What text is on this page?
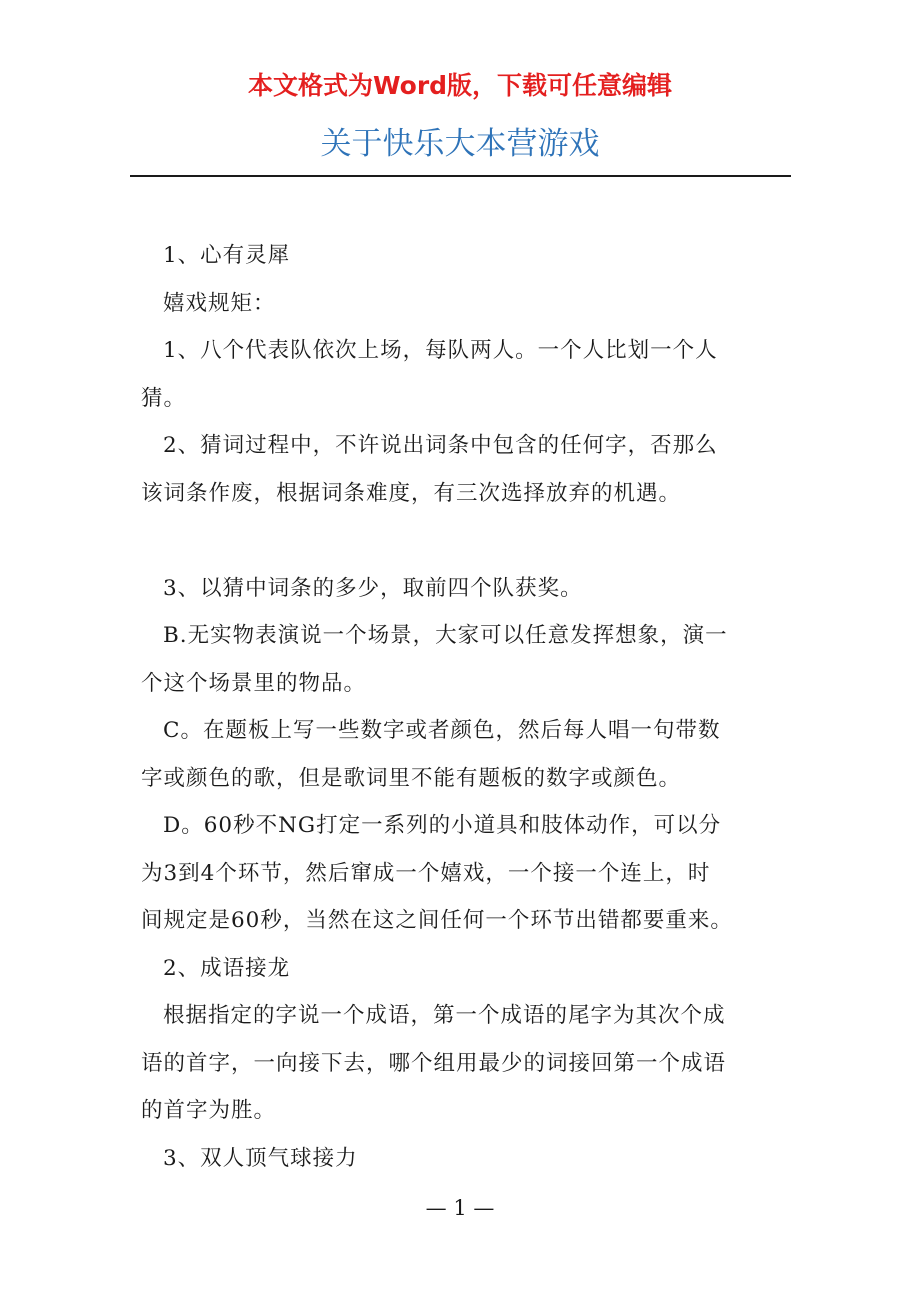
本文格式为Word版，下载可任意编辑
关于快乐大本营游戏
1、心有灵犀
嬉戏规矩：
1、八个代表队依次上场，每队两人。一个人比划一个人
猜。
2、猜词过程中，不许说出词条中包含的任何字，否那么
该词条作废，根据词条难度，有三次选择放弃的机遇。
3、以猜中词条的多少，取前四个队获奖。
B.无实物表演说一个场景，大家可以任意发挥想象，演一
个这个场景里的物品。
C。在题板上写一些数字或者颜色，然后每人唱一句带数
字或颜色的歌，但是歌词里不能有题板的数字或颜色。
D。60秒不NG打定一系列的小道具和肢体动作，可以分
为3到4个环节，然后窜成一个嬉戏，一个接一个连上，时
间规定是60秒，当然在这之间任何一个环节出错都要重来。
2、成语接龙
根据指定的字说一个成语，第一个成语的尾字为其次个成
语的首字，一向接下去，哪个组用最少的词接回第一个成语
的首字为胜。
3、双人顶气球接力
— 1 —
